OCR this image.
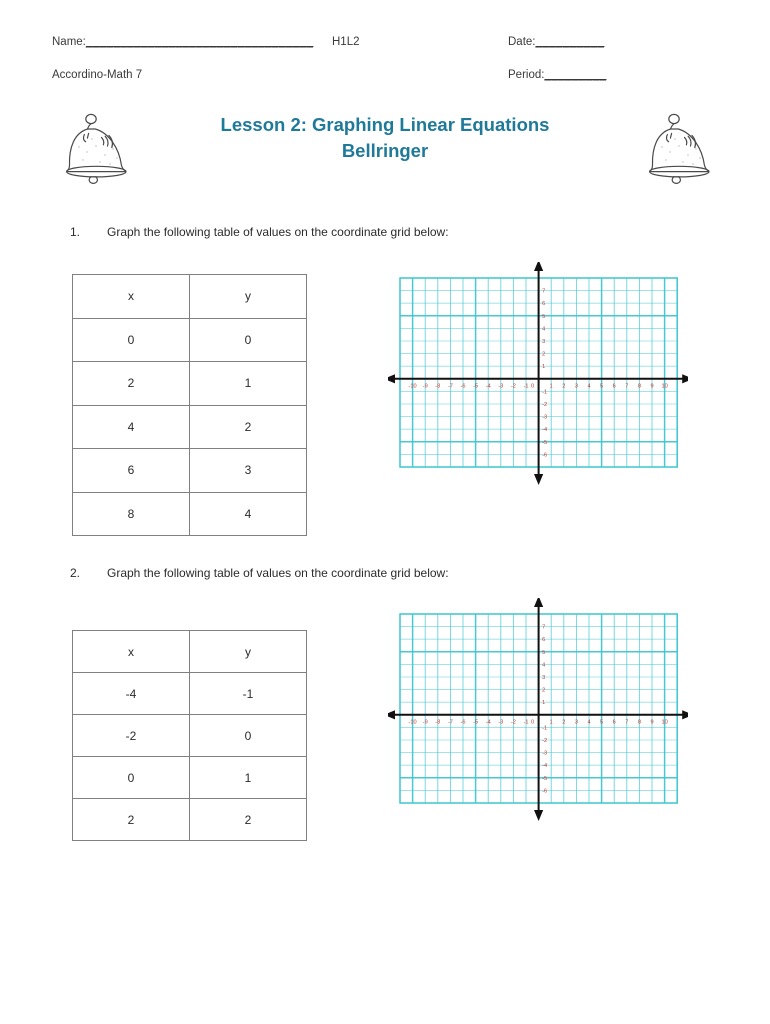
Name:_________________________________ H1L2	Date:__________
Accordino-Math 7	Period:_________
Lesson 2: Graphing Linear Equations
Bellringer
1. Graph the following table of values on the coordinate grid below:
x	y
0	0
2	1
4	2
6	3
8	4
-10 -9 -8 -7 -6 -5 -4 -3 -2 -1 0	1 2 3 4 5 6 7 8 9 10
7
6
5
4
3
2
1
-1
-2
-3
-4
-5
-6
2. Graph the following table of values on the coordinate grid below:
x	y
-4	-1
-2	0
0	1
2	2
-10 -9 -8 -7 -6 -5 -4 -3 -2 -1 0	1 2 3 4 5 6 7 8 9 10
7
6
5
4
3
2
1
-1
-2
-3
-4
-5
-6
